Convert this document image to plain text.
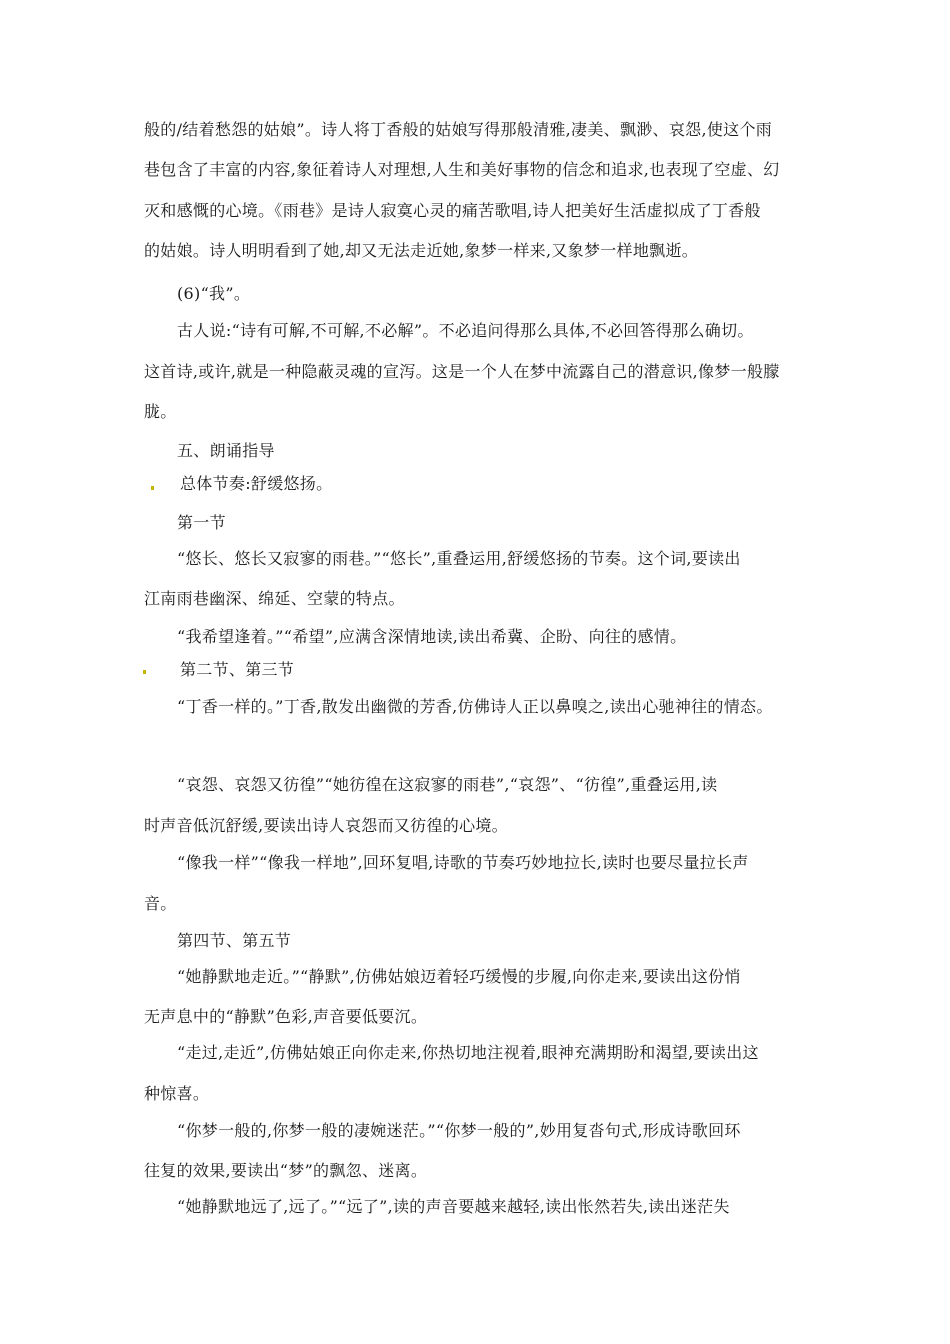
般的/结着愁怨的姑娘”。诗人将丁香般的姑娘写得那般清雅,凄美、飘渺、哀怨,使这个雨
巷包含了丰富的内容,象征着诗人对理想,人生和美好事物的信念和追求,也表现了空虚、幻
灭和感慨的心境。《雨巷》是诗人寂寞心灵的痛苦歌唱,诗人把美好生活虚拟成了丁香般
的姑娘。诗人明明看到了她,却又无法走近她,象梦一样来,又象梦一样地飘逝。
(6)“我”。
古人说:“诗有可解,不可解,不必解”。不必追问得那么具体,不必回答得那么确切。
这首诗,或许,就是一种隐蔽灵魂的宣泻。这是一个人在梦中流露自己的潜意识,像梦一般朦
胧。
五、朗诵指导
总体节奏:舒缓悠扬。
第一节
“悠长、悠长又寂寥的雨巷。”“悠长”,重叠运用,舒缓悠扬的节奏。这个词,要读出
江南雨巷幽深、绵延、空蒙的特点。
“我希望逢着。”“希望”,应满含深情地读,读出希冀、企盼、向往的感情。
第二节、第三节
“丁香一样的。”丁香,散发出幽微的芳香,仿佛诗人正以鼻嗅之,读出心驰神往的情态。
“哀怨、哀怨又彷徨”“她彷徨在这寂寥的雨巷”,“哀怨”、“彷徨”,重叠运用,读
时声音低沉舒缓,要读出诗人哀怨而又彷徨的心境。
“像我一样”“像我一样地”,回环复唱,诗歌的节奏巧妙地拉长,读时也要尽量拉长声
音。
第四节、第五节
“她静默地走近。”“静默”,仿佛姑娘迈着轻巧缓慢的步履,向你走来,要读出这份悄
无声息中的“静默”色彩,声音要低要沉。
“走过,走近”,仿佛姑娘正向你走来,你热切地注视着,眼神充满期盼和渴望,要读出这
种惊喜。
“你梦一般的,你梦一般的凄婉迷茫。”“你梦一般的”,妙用复沓句式,形成诗歌回环
往复的效果,要读出“梦”的飘忽、迷离。
“她静默地远了,远了。”“远了”,读的声音要越来越轻,读出怅然若失,读出迷茫失
